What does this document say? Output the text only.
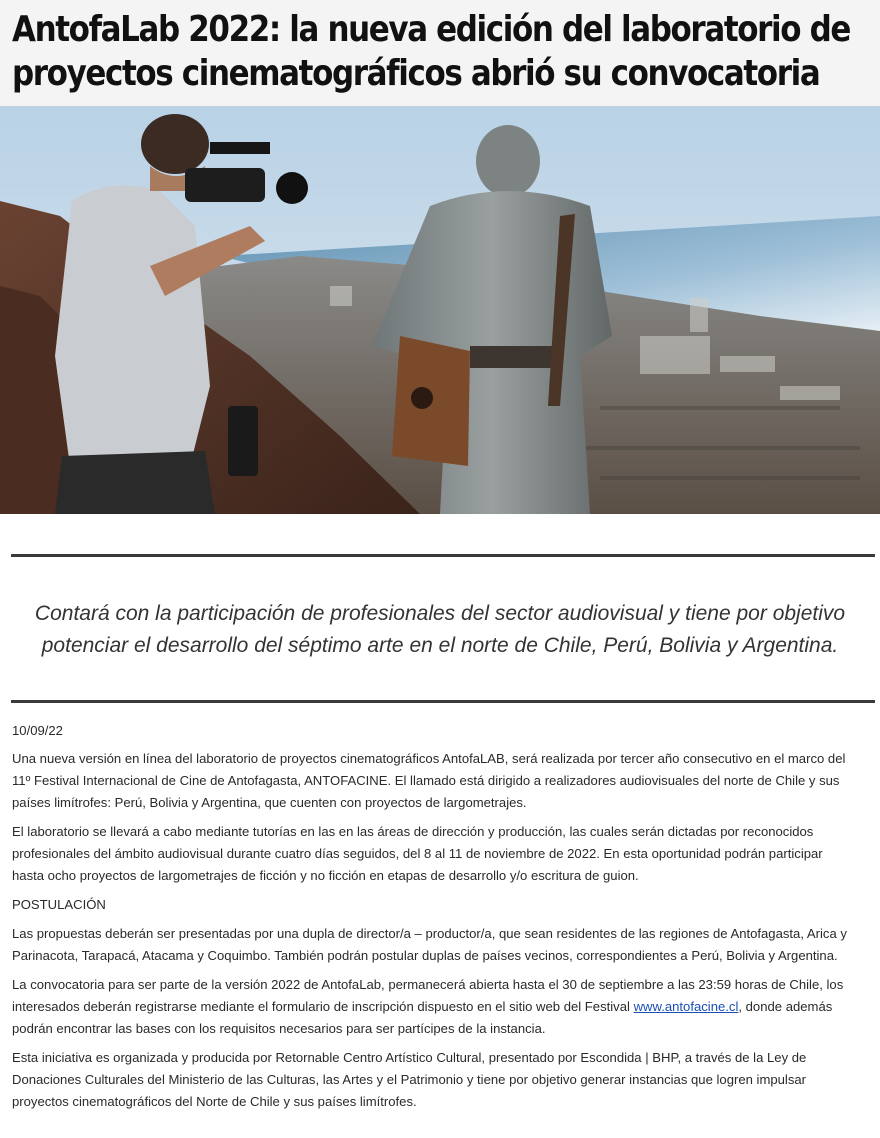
AntofaLab 2022: la nueva edición del laboratorio de
proyectos cinematográficos abrió su convocatoria

Contará con la participación de profesionales del sector audiovisual y tiene por objetivo
potenciar el desarrollo del séptimo arte en el norte de Chile, Perú, Bolivia y Argentina.

10/09/22

Una nueva versión en línea del laboratorio de proyectos cinematográficos AntofaLAB, será realizada por tercer año consecutivo en el marco del
11º Festival Internacional de Cine de Antofagasta, ANTOFACINE. El llamado está dirigido a realizadores audiovisuales del norte de Chile y sus
países limítrofes: Perú, Bolivia y Argentina, que cuenten con proyectos de largometrajes.

El laboratorio se llevará a cabo mediante tutorías en las en las áreas de dirección y producción, las cuales serán dictadas por reconocidos
profesionales del ámbito audiovisual durante cuatro días seguidos, del 8 al 11 de noviembre de 2022. En esta oportunidad podrán participar
hasta ocho proyectos de largometrajes de ficción y no ficción en etapas de desarrollo y/o escritura de guion.

POSTULACIÓN

Las propuestas deberán ser presentadas por una dupla de director/a – productor/a, que sean residentes de las regiones de Antofagasta, Arica y
Parinacota, Tarapacá, Atacama y Coquimbo. También podrán postular duplas de países vecinos, correspondientes a Perú, Bolivia y Argentina.

La convocatoria para ser parte de la versión 2022 de AntofaLab, permanecerá abierta hasta el 30 de septiembre a las 23:59 horas de Chile, los
interesados deberán registrarse mediante el formulario de inscripción dispuesto en el sitio web del Festival www.antofacine.cl, donde además
podrán encontrar las bases con los requisitos necesarios para ser partícipes de la instancia.

Esta iniciativa es organizada y producida por Retornable Centro Artístico Cultural, presentado por Escondida | BHP, a través de la Ley de
Donaciones Culturales del Ministerio de las Culturas, las Artes y el Patrimonio y tiene por objetivo generar instancias que logren impulsar
proyectos cinematográficos del Norte de Chile y sus países limítrofes.
